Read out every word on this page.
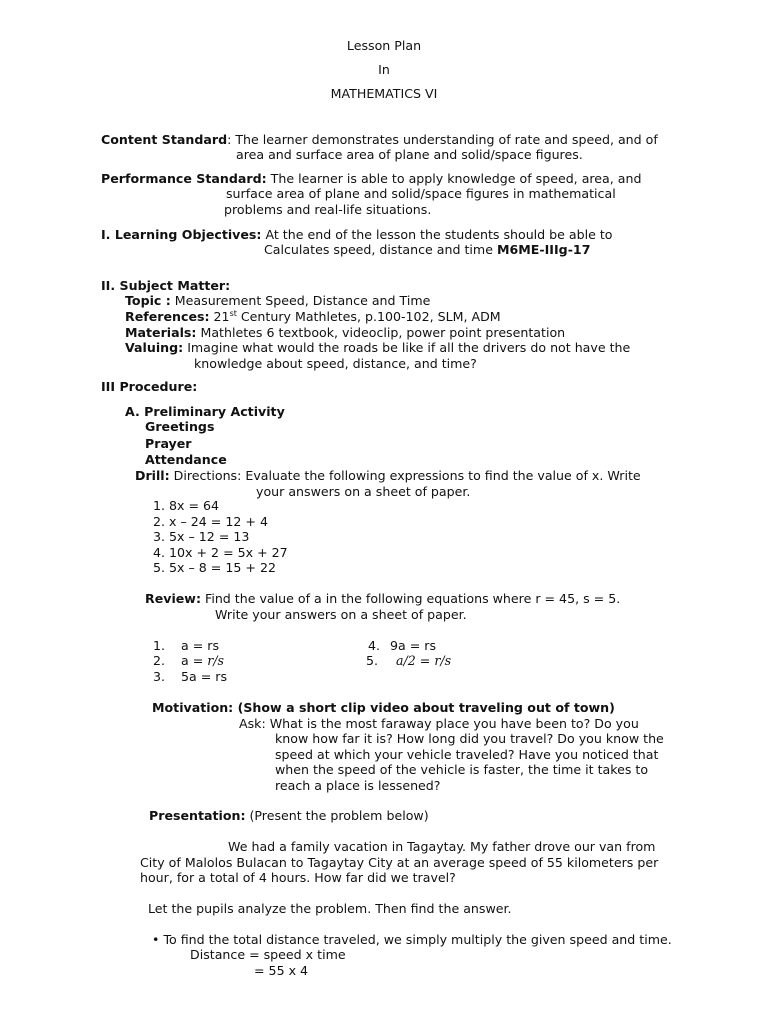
Lesson Plan
In
MATHEMATICS VI
Content Standard: The learner demonstrates understanding of rate and speed, and of
area and surface area of plane and solid/space figures.
Performance Standard: The learner is able to apply knowledge of speed, area, and
surface area of plane and solid/space figures in mathematical
problems and real-life situations.
I. Learning Objectives: At the end of the lesson the students should be able to
Calculates speed, distance and time M6ME-IIIg-17
II. Subject Matter:
Topic : Measurement Speed, Distance and Time
References: 21st Century Mathletes, p.100-102, SLM, ADM
Materials: Mathletes 6 textbook, videoclip, power point presentation
Valuing: Imagine what would the roads be like if all the drivers do not have the
knowledge about speed, distance, and time?
III Procedure:
A. Preliminary Activity
Greetings
Prayer
Attendance
Drill: Directions: Evaluate the following expressions to find the value of x. Write
your answers on a sheet of paper.
1. 8x = 64
2. x – 24 = 12 + 4
3. 5x – 12 = 13
4. 10x + 2 = 5x + 27
5. 5x – 8 = 15 + 22
Review: Find the value of a in the following equations where r = 45, s = 5.
Write your answers on a sheet of paper.
1. a = rs
2. a = r/s
3. 5a = rs
4. 9a = rs
5. a/2 = r/s
Motivation: (Show a short clip video about traveling out of town)
Ask: What is the most faraway place you have been to? Do you
know how far it is? How long did you travel? Do you know the
speed at which your vehicle traveled? Have you noticed that
when the speed of the vehicle is faster, the time it takes to
reach a place is lessened?
Presentation: (Present the problem below)
We had a family vacation in Tagaytay. My father drove our van from
City of Malolos Bulacan to Tagaytay City at an average speed of 55 kilometers per
hour, for a total of 4 hours. How far did we travel?
Let the pupils analyze the problem. Then find the answer.
• To find the total distance traveled, we simply multiply the given speed and time.
Distance = speed x time
= 55 x 4
